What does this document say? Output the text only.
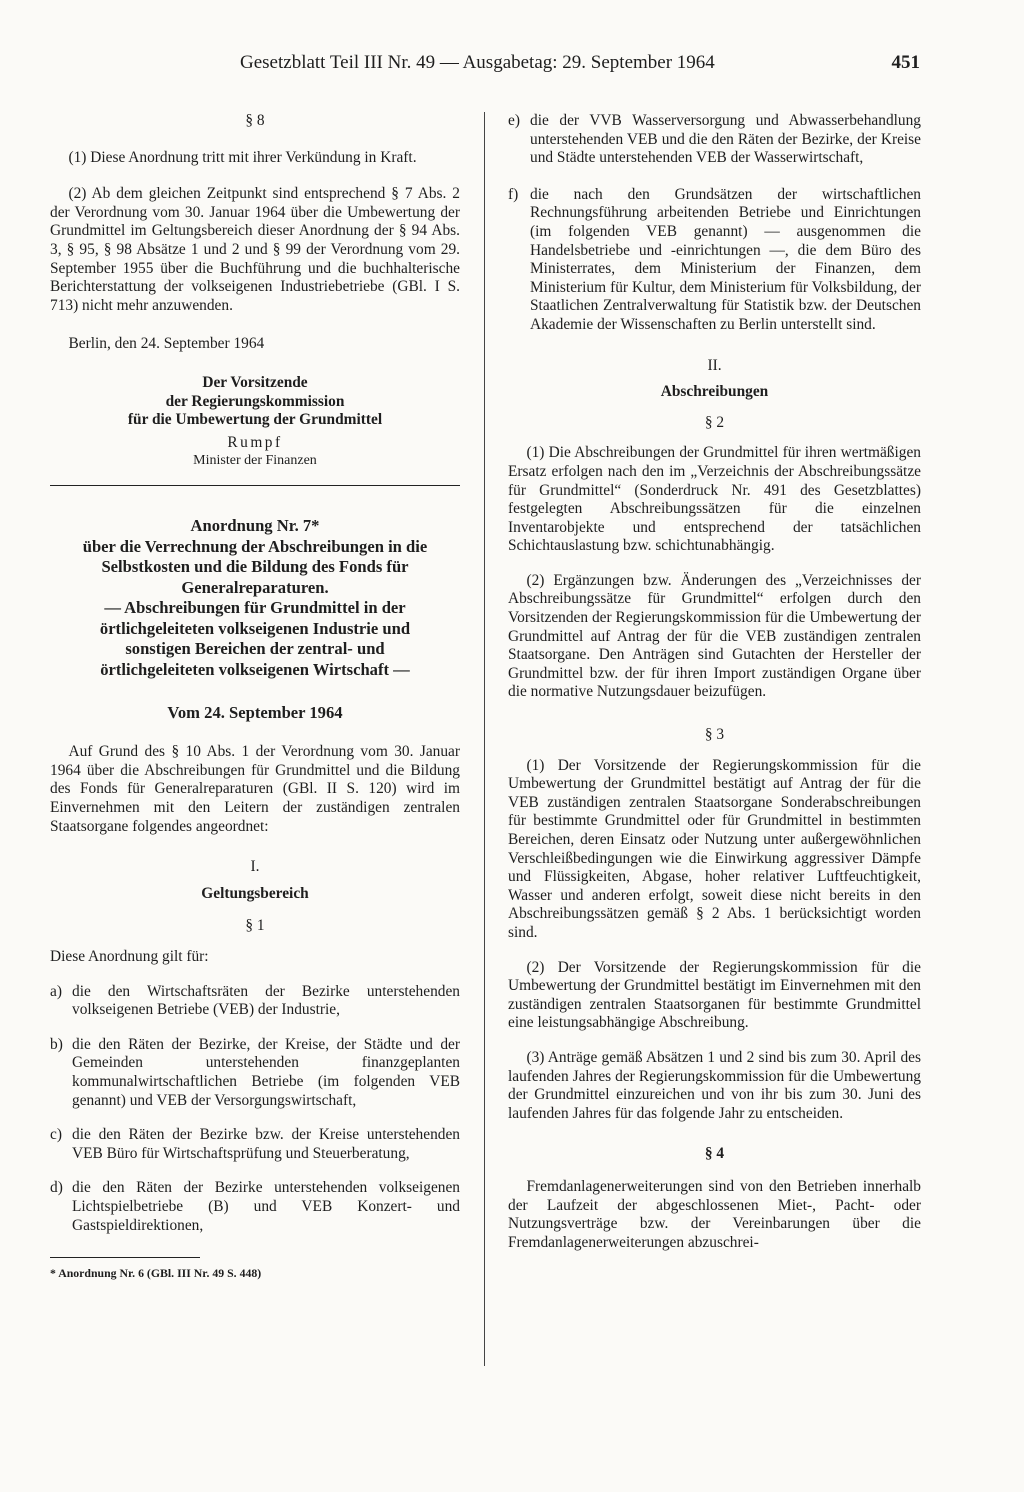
Gesetzblatt Teil III Nr. 49 — Ausgabetag: 29. September 1964	451

§ 8

(1) Diese Anordnung tritt mit ihrer Verkündung in Kraft.

(2) Ab dem gleichen Zeitpunkt sind entsprechend § 7 Abs. 2 der Verordnung vom 30. Januar 1964 über die Umbewertung der Grundmittel im Geltungsbereich dieser Anordnung der § 94 Abs. 3, § 95, § 98 Absätze 1 und 2 und § 99 der Verordnung vom 29. September 1955 über die Buchführung und die buchhalterische Berichterstattung der volkseigenen Industriebetriebe (GBl. I S. 713) nicht mehr anzuwenden.

Berlin, den 24. September 1964

Der Vorsitzende

der Regierungskommission

für die Umbewertung der Grundmittel

Rumpf

Minister der Finanzen

Anordnung Nr. 7*
über die Verrechnung der Abschreibungen in die
Selbstkosten und die Bildung des Fonds für
Generalreparaturen.
— Abschreibungen für Grundmittel in der
örtlichgeleiteten volkseigenen Industrie und
sonstigen Bereichen der zentral- und
örtlichgeleiteten volkseigenen Wirtschaft —
Vom 24. September 1964

Auf Grund des § 10 Abs. 1 der Verordnung vom 30. Januar 1964 über die Abschreibungen für Grundmittel und die Bildung des Fonds für Generalreparaturen (GBl. II S. 120) wird im Einvernehmen mit den Leitern der zuständigen zentralen Staatsorgane folgendes angeordnet:

I.

Geltungsbereich

§ 1

Diese Anordnung gilt für:

a) die den Wirtschaftsräten der Bezirke unterstehenden volkseigenen Betriebe (VEB) der Industrie,
b) die den Räten der Bezirke, der Kreise, der Städte und der Gemeinden unterstehenden finanzgeplanten kommunalwirtschaftlichen Betriebe (im folgenden VEB genannt) und VEB der Versorgungswirtschaft,
c) die den Räten der Bezirke bzw. der Kreise unterstehenden VEB Büro für Wirtschaftsprüfung und Steuerberatung,
d) die den Räten der Bezirke unterstehenden volkseigenen Lichtspielbetriebe (B) und VEB Konzert- und Gastspieldirektionen,

* Anordnung Nr. 6 (GBl. III Nr. 49 S. 448)

e) die der VVB Wasserversorgung und Abwasserbehandlung unterstehenden VEB und die den Räten der Bezirke, der Kreise und Städte unterstehenden VEB der Wasserwirtschaft,
f) die nach den Grundsätzen der wirtschaftlichen Rechnungsführung arbeitenden Betriebe und Einrichtungen (im folgenden VEB genannt) — ausgenommen die Handelsbetriebe und -einrichtungen —, die dem Büro des Ministerrates, dem Ministerium der Finanzen, dem Ministerium für Kultur, dem Ministerium für Volksbildung, der Staatlichen Zentralverwaltung für Statistik bzw. der Deutschen Akademie der Wissenschaften zu Berlin unterstellt sind.

II.

Abschreibungen

§ 2

(1) Die Abschreibungen der Grundmittel für ihren wertmäßigen Ersatz erfolgen nach den im „Verzeichnis der Abschreibungssätze für Grundmittel“ (Sonderdruck Nr. 491 des Gesetzblattes) festgelegten Abschreibungssätzen für die einzelnen Inventarobjekte und entsprechend der tatsächlichen Schichtauslastung bzw. schichtunabhängig.

(2) Ergänzungen bzw. Änderungen des „Verzeichnisses der Abschreibungssätze für Grundmittel“ erfolgen durch den Vorsitzenden der Regierungskommission für die Umbewertung der Grundmittel auf Antrag der für die VEB zuständigen zentralen Staatsorgane. Den Anträgen sind Gutachten der Hersteller der Grundmittel bzw. der für ihren Import zuständigen Organe über die normative Nutzungsdauer beizufügen.

§ 3

(1) Der Vorsitzende der Regierungskommission für die Umbewertung der Grundmittel bestätigt auf Antrag der für die VEB zuständigen zentralen Staatsorgane Sonderabschreibungen für bestimmte Grundmittel oder für Grundmittel in bestimmten Bereichen, deren Einsatz oder Nutzung unter außergewöhnlichen Verschleißbedingungen wie die Einwirkung aggressiver Dämpfe und Flüssigkeiten, Abgase, hoher relativer Luftfeuchtigkeit, Wasser und anderen erfolgt, soweit diese nicht bereits in den Abschreibungssätzen gemäß § 2 Abs. 1 berücksichtigt worden sind.

(2) Der Vorsitzende der Regierungskommission für die Umbewertung der Grundmittel bestätigt im Einvernehmen mit den zuständigen zentralen Staatsorganen für bestimmte Grundmittel eine leistungsabhängige Abschreibung.

(3) Anträge gemäß Absätzen 1 und 2 sind bis zum 30. April des laufenden Jahres der Regierungskommission für die Umbewertung der Grundmittel einzureichen und von ihr bis zum 30. Juni des laufenden Jahres für das folgende Jahr zu entscheiden.

§ 4

Fremdanlagenerweiterungen sind von den Betrieben innerhalb der Laufzeit der abgeschlossenen Miet-, Pacht- oder Nutzungsverträge bzw. der Vereinbarungen über die Fremdanlagenerweiterungen abzuschrei-
